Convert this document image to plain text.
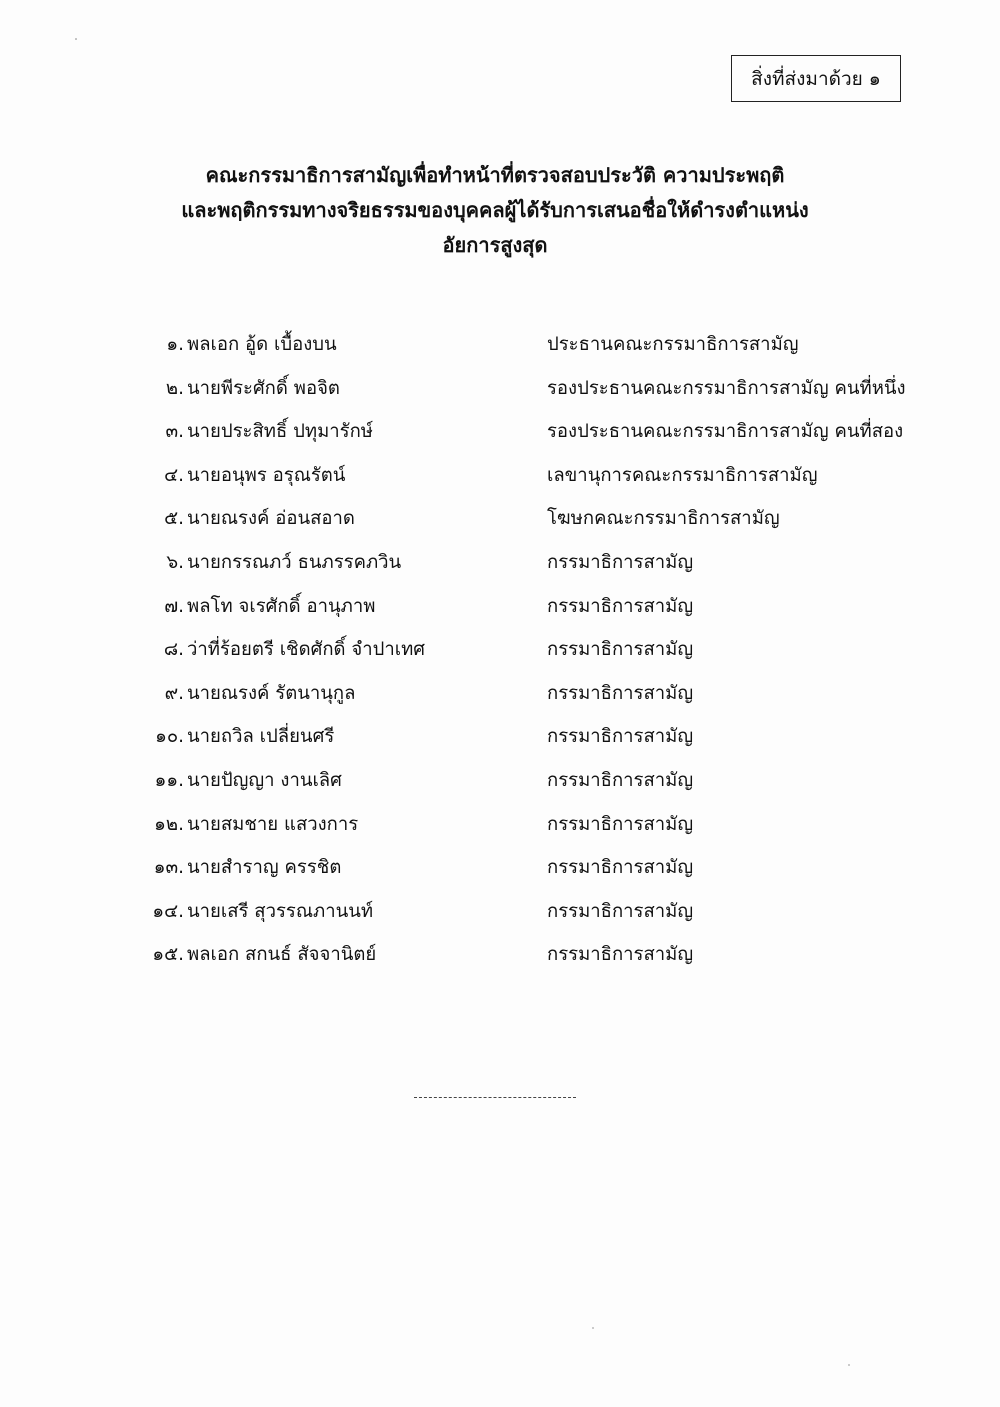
สิ่งที่ส่งมาด้วย ๑
คณะกรรมาธิการสามัญเพื่อทำหน้าที่ตรวจสอบประวัติ ความประพฤติ
และพฤติกรรมทางจริยธรรมของบุคคลผู้ได้รับการเสนอชื่อให้ดำรงตำแหน่ง
อัยการสูงสุด
๑. พลเอก อู้ด เบื้องบน	ประธานคณะกรรมาธิการสามัญ
๒. นายพีระศักดิ์ พอจิต	รองประธานคณะกรรมาธิการสามัญ คนที่หนึ่ง
๓. นายประสิทธิ์ ปทุมารักษ์	รองประธานคณะกรรมาธิการสามัญ คนที่สอง
๔. นายอนุพร อรุณรัตน์	เลขานุการคณะกรรมาธิการสามัญ
๕. นายณรงค์ อ่อนสอาด	โฆษกคณะกรรมาธิการสามัญ
๖. นายกรรณภว์ ธนภรรคภวิน	กรรมาธิการสามัญ
๗. พลโท จเรศักดิ์ อานุภาพ	กรรมาธิการสามัญ
๘. ว่าที่ร้อยตรี เชิดศักดิ์ จำปาเทศ	กรรมาธิการสามัญ
๙. นายณรงค์ รัตนานุกูล	กรรมาธิการสามัญ
๑๐. นายถวิล เปลี่ยนศรี	กรรมาธิการสามัญ
๑๑. นายปัญญา งานเลิศ	กรรมาธิการสามัญ
๑๒. นายสมชาย แสวงการ	กรรมาธิการสามัญ
๑๓. นายสำราญ ครรชิต	กรรมาธิการสามัญ
๑๔. นายเสรี สุวรรณภานนท์	กรรมาธิการสามัญ
๑๕. พลเอก สกนธ์ สัจจานิตย์	กรรมาธิการสามัญ
